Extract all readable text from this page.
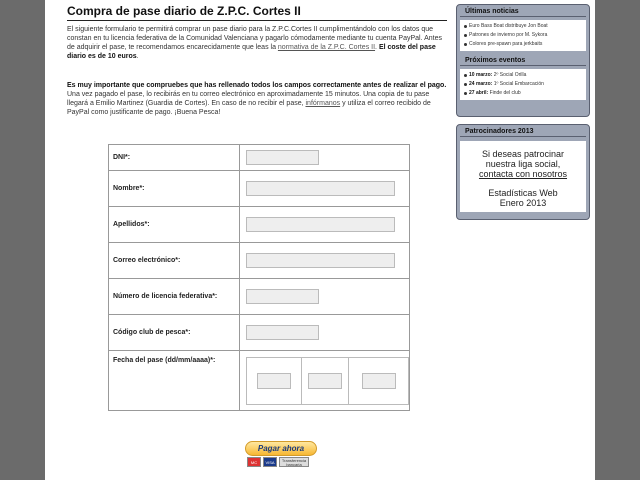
Compra de pase diario de Z.P.C. Cortes II

El siguiente formulario te permitirá comprar un pase diario para la Z.P.C.Cortes II cumplimentándolo con los datos que constan en tu licencia federativa de la Comunidad Valenciana y pagarlo cómodamente mediante tu cuenta PayPal. Antes de adquirir el pase, te recomendamos encarecidamente que leas la normativa de la Z.P.C. Cortes II. El coste del pase diario es de 10 euros.

Es muy importante que compruebes que has rellenado todos los campos correctamente antes de realizar el pago. Una vez pagado el pase, lo recibirás en tu correo electrónico en aproximadamente 15 minutos. Una copia de tu pase llegará a Emilio Martinez (Guardia de Cortes). En caso de no recibir el pase, infórmanos y utiliza el correo recibido de PayPal como justificante de pago. ¡Buena Pesca!

DNI*:	

Nombre*:	

Apellidos*:	

Correo electrónico*:	

Número de licencia federativa*:	

Código club de pesca*:	

Fecha del pase (dd/mm/aaaa)*:	
Pagar ahora
MC	VISA	Transferencia bancaria
Últimas noticias
Euro Bass Boat distribuye Jon Boat
Patrones de invierno por M. Sykora
Colores pre-spawn para jerkbaits
Próximos eventos
10 marzo: 2º Social Orilla
24 marzo: 1º Social Embarcación
27 abril: Finde del club
Patrocinadores 2013

Si deseas patrocinar

nuestra liga social,

contacta con nosotros

Estadísticas Web

Enero 2013
